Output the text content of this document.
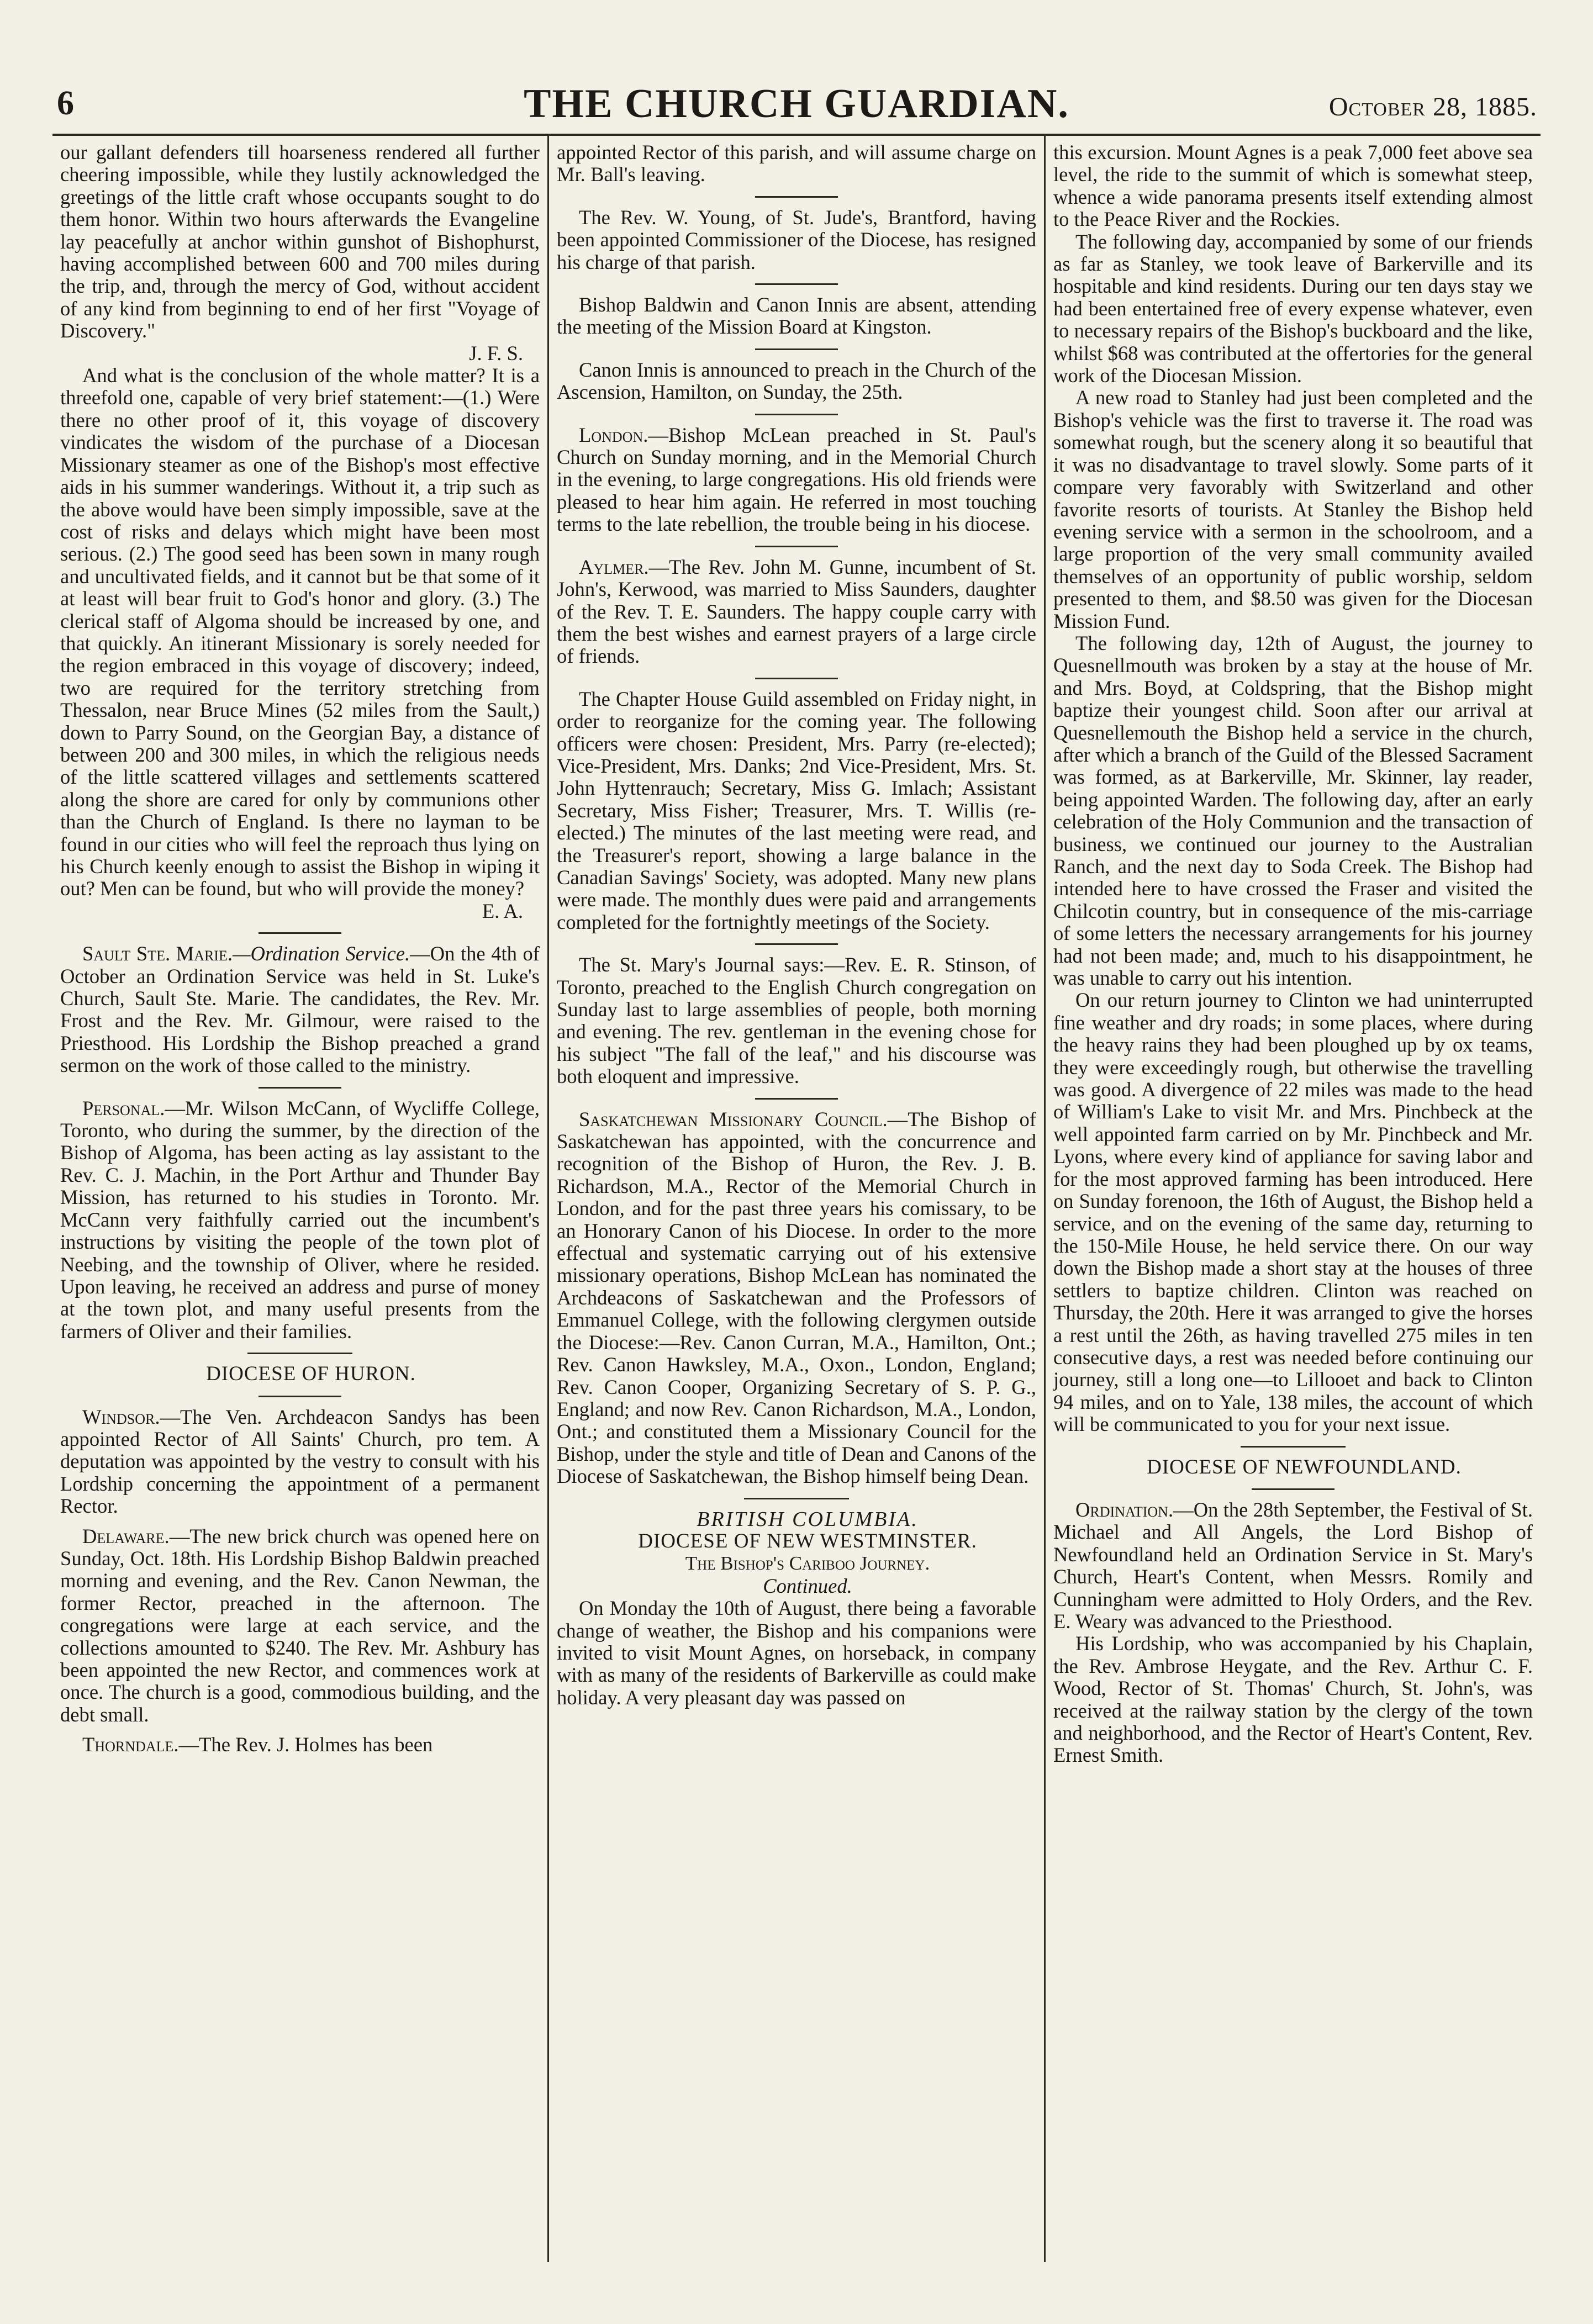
6	THE CHURCH GUARDIAN.	October 28, 1885.

our gallant defenders till hoarseness rendered all further cheering impossible, while they lustily acknowledged the greetings of the little craft whose occupants sought to do them honor. Within two hours afterwards the Evangeline lay peacefully at anchor within gunshot of Bishophurst, having accomplished between 600 and 700 miles during the trip, and, through the mercy of God, without accident of any kind from beginning to end of her first "Voyage of Discovery."

J. F. S.

And what is the conclusion of the whole matter? It is a threefold one, capable of very brief statement:—(1.) Were there no other proof of it, this voyage of discovery vindicates the wisdom of the purchase of a Diocesan Missionary steamer as one of the Bishop's most effective aids in his summer wanderings. Without it, a trip such as the above would have been simply impossible, save at the cost of risks and delays which might have been most serious. (2.) The good seed has been sown in many rough and uncultivated fields, and it cannot but be that some of it at least will bear fruit to God's honor and glory. (3.) The clerical staff of Algoma should be increased by one, and that quickly. An itinerant Missionary is sorely needed for the region embraced in this voyage of discovery; indeed, two are required for the territory stretching from Thessalon, near Bruce Mines (52 miles from the Sault,) down to Parry Sound, on the Georgian Bay, a distance of between 200 and 300 miles, in which the religious needs of the little scattered villages and settlements scattered along the shore are cared for only by communions other than the Church of England. Is there no layman to be found in our cities who will feel the reproach thus lying on his Church keenly enough to assist the Bishop in wiping it out? Men can be found, but who will provide the money?

E. A.

Sault Ste. Marie.—Ordination Service.—On the 4th of October an Ordination Service was held in St. Luke's Church, Sault Ste. Marie. The candidates, the Rev. Mr. Frost and the Rev. Mr. Gilmour, were raised to the Priesthood. His Lordship the Bishop preached a grand sermon on the work of those called to the ministry.

Personal.—Mr. Wilson McCann, of Wycliffe College, Toronto, who during the summer, by the direction of the Bishop of Algoma, has been acting as lay assistant to the Rev. C. J. Machin, in the Port Arthur and Thunder Bay Mission, has returned to his studies in Toronto. Mr. McCann very faithfully carried out the incumbent's instructions by visiting the people of the town plot of Neebing, and the township of Oliver, where he resided. Upon leaving, he received an address and purse of money at the town plot, and many useful presents from the farmers of Oliver and their families.

DIOCESE OF HURON.

Windsor.—The Ven. Archdeacon Sandys has been appointed Rector of All Saints' Church, pro tem. A deputation was appointed by the vestry to consult with his Lordship concerning the appointment of a permanent Rector.

Delaware.—The new brick church was opened here on Sunday, Oct. 18th. His Lordship Bishop Baldwin preached morning and evening, and the Rev. Canon Newman, the former Rector, preached in the afternoon. The congregations were large at each service, and the collections amounted to $240. The Rev. Mr. Ashbury has been appointed the new Rector, and commences work at once. The church is a good, commodious building, and the debt small.

Thorndale.—The Rev. J. Holmes has been

appointed Rector of this parish, and will assume charge on Mr. Ball's leaving.

The Rev. W. Young, of St. Jude's, Brantford, having been appointed Commissioner of the Diocese, has resigned his charge of that parish.

Bishop Baldwin and Canon Innis are absent, attending the meeting of the Mission Board at Kingston.

Canon Innis is announced to preach in the Church of the Ascension, Hamilton, on Sunday, the 25th.

London.—Bishop McLean preached in St. Paul's Church on Sunday morning, and in the Memorial Church in the evening, to large congregations. His old friends were pleased to hear him again. He referred in most touching terms to the late rebellion, the trouble being in his diocese.

Aylmer.—The Rev. John M. Gunne, incumbent of St. John's, Kerwood, was married to Miss Saunders, daughter of the Rev. T. E. Saunders. The happy couple carry with them the best wishes and earnest prayers of a large circle of friends.

The Chapter House Guild assembled on Friday night, in order to reorganize for the coming year. The following officers were chosen: President, Mrs. Parry (re-elected); Vice-President, Mrs. Danks; 2nd Vice-President, Mrs. St. John Hyttenrauch; Secretary, Miss G. Imlach; Assistant Secretary, Miss Fisher; Treasurer, Mrs. T. Willis (re-elected.) The minutes of the last meeting were read, and the Treasurer's report, showing a large balance in the Canadian Savings' Society, was adopted. Many new plans were made. The monthly dues were paid and arrangements completed for the fortnightly meetings of the Society.

The St. Mary's Journal says:—Rev. E. R. Stinson, of Toronto, preached to the English Church congregation on Sunday last to large assemblies of people, both morning and evening. The rev. gentleman in the evening chose for his subject "The fall of the leaf," and his discourse was both eloquent and impressive.

Saskatchewan Missionary Council.—The Bishop of Saskatchewan has appointed, with the concurrence and recognition of the Bishop of Huron, the Rev. J. B. Richardson, M.A., Rector of the Memorial Church in London, and for the past three years his comissary, to be an Honorary Canon of his Diocese. In order to the more effectual and systematic carrying out of his extensive missionary operations, Bishop McLean has nominated the Archdeacons of Saskatchewan and the Professors of Emmanuel College, with the following clergymen outside the Diocese:—Rev. Canon Curran, M.A., Hamilton, Ont.; Rev. Canon Hawksley, M.A., Oxon., London, England; Rev. Canon Cooper, Organizing Secretary of S. P. G., England; and now Rev. Canon Richardson, M.A., London, Ont.; and constituted them a Missionary Council for the Bishop, under the style and title of Dean and Canons of the Diocese of Saskatchewan, the Bishop himself being Dean.

BRITISH COLUMBIA.

DIOCESE OF NEW WESTMINSTER.

The Bishop's Cariboo Journey.

Continued.

On Monday the 10th of August, there being a favorable change of weather, the Bishop and his companions were invited to visit Mount Agnes, on horseback, in company with as many of the residents of Barkerville as could make holiday. A very pleasant day was passed on

this excursion. Mount Agnes is a peak 7,000 feet above sea level, the ride to the summit of which is somewhat steep, whence a wide panorama presents itself extending almost to the Peace River and the Rockies.

The following day, accompanied by some of our friends as far as Stanley, we took leave of Barkerville and its hospitable and kind residents. During our ten days stay we had been entertained free of every expense whatever, even to necessary repairs of the Bishop's buckboard and the like, whilst $68 was contributed at the offertories for the general work of the Diocesan Mission.

A new road to Stanley had just been completed and the Bishop's vehicle was the first to traverse it. The road was somewhat rough, but the scenery along it so beautiful that it was no disadvantage to travel slowly. Some parts of it compare very favorably with Switzerland and other favorite resorts of tourists. At Stanley the Bishop held evening service with a sermon in the schoolroom, and a large proportion of the very small community availed themselves of an opportunity of public worship, seldom presented to them, and $8.50 was given for the Diocesan Mission Fund.

The following day, 12th of August, the journey to Quesnellmouth was broken by a stay at the house of Mr. and Mrs. Boyd, at Coldspring, that the Bishop might baptize their youngest child. Soon after our arrival at Quesnellemouth the Bishop held a service in the church, after which a branch of the Guild of the Blessed Sacrament was formed, as at Barkerville, Mr. Skinner, lay reader, being appointed Warden. The following day, after an early celebration of the Holy Communion and the transaction of business, we continued our journey to the Australian Ranch, and the next day to Soda Creek. The Bishop had intended here to have crossed the Fraser and visited the Chilcotin country, but in consequence of the mis-carriage of some letters the necessary arrangements for his journey had not been made; and, much to his disappointment, he was unable to carry out his intention.

On our return journey to Clinton we had uninterrupted fine weather and dry roads; in some places, where during the heavy rains they had been ploughed up by ox teams, they were exceedingly rough, but otherwise the travelling was good. A divergence of 22 miles was made to the head of William's Lake to visit Mr. and Mrs. Pinchbeck at the well appointed farm carried on by Mr. Pinchbeck and Mr. Lyons, where every kind of appliance for saving labor and for the most approved farming has been introduced. Here on Sunday forenoon, the 16th of August, the Bishop held a service, and on the evening of the same day, returning to the 150-Mile House, he held service there. On our way down the Bishop made a short stay at the houses of three settlers to baptize children. Clinton was reached on Thursday, the 20th. Here it was arranged to give the horses a rest until the 26th, as having travelled 275 miles in ten consecutive days, a rest was needed before continuing our journey, still a long one—to Lillooet and back to Clinton 94 miles, and on to Yale, 138 miles, the account of which will be communicated to you for your next issue.

DIOCESE OF NEWFOUNDLAND.

Ordination.—On the 28th September, the Festival of St. Michael and All Angels, the Lord Bishop of Newfoundland held an Ordination Service in St. Mary's Church, Heart's Content, when Messrs. Romily and Cunningham were admitted to Holy Orders, and the Rev. E. Weary was advanced to the Priesthood.

His Lordship, who was accompanied by his Chaplain, the Rev. Ambrose Heygate, and the Rev. Arthur C. F. Wood, Rector of St. Thomas' Church, St. John's, was received at the railway station by the clergy of the town and neighborhood, and the Rector of Heart's Content, Rev. Ernest Smith.
